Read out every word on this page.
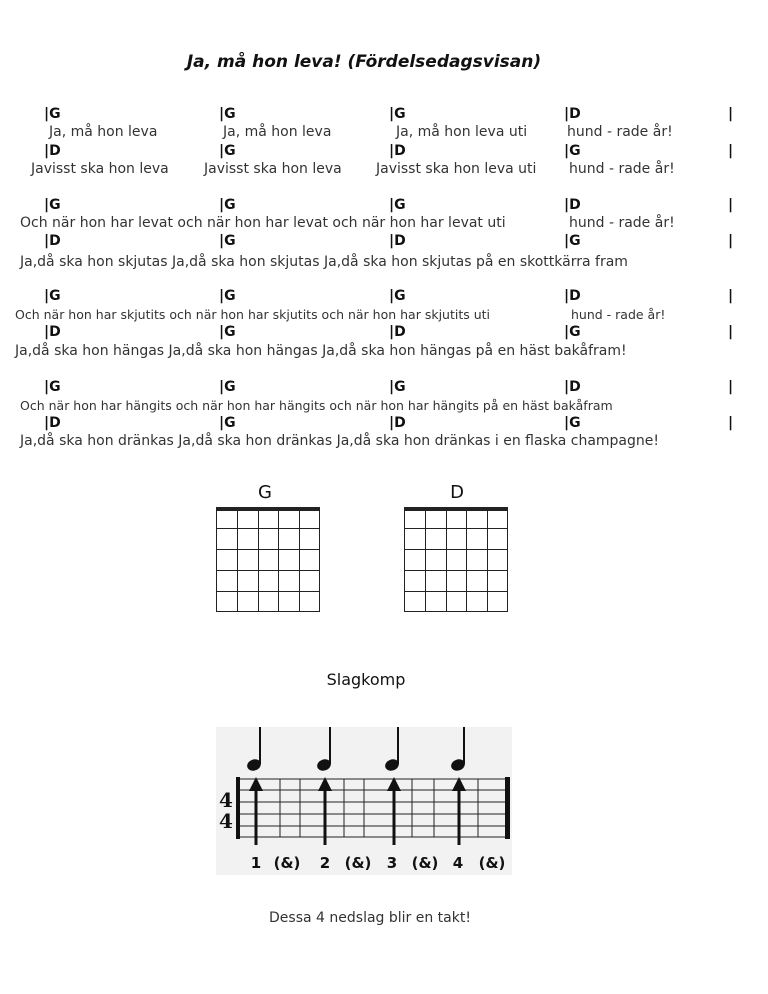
Ja, må hon leva! (Fördelsedagsvisan)
|G	|G	|G	|D	|
Ja, må hon leva	Ja, må hon leva	Ja, må hon leva uti	hund - rade år!
|D	|G	|D	|G	|
Javisst ska hon leva	Javisst ska hon leva Javisst ska hon leva uti hund - rade år!
|G	|G	|G	|D	|
Och när hon har levat och när hon har levat och när hon har levat uti	hund - rade år!
|D	|G	|D	|G	|
Ja,då ska hon skjutas Ja,då ska hon skjutas Ja,då ska hon skjutas på en skottkärra fram
|G	|G	|G	|D	|
Och när hon har skjutits och när hon har skjutits och när hon har skjutits uti	hund - rade år!
|D	|G	|D	|G	|
Ja,då ska hon hängas Ja,då ska hon hängas Ja,då ska hon hängas på en häst bakåfram!
|G	|G	|G	|D	|
Och när hon har hängits och när hon har hängits och när hon har hängits på en häst bakåfram
|D	|G	|D	|G	|
Ja,då ska hon dränkas Ja,då ska hon dränkas Ja,då ska hon dränkas i en flaska champagne!
G	D
Slagkomp
4
4
1 (&) 2 (&) 3 (&) 4 (&)
Dessa 4 nedslag blir en takt!
